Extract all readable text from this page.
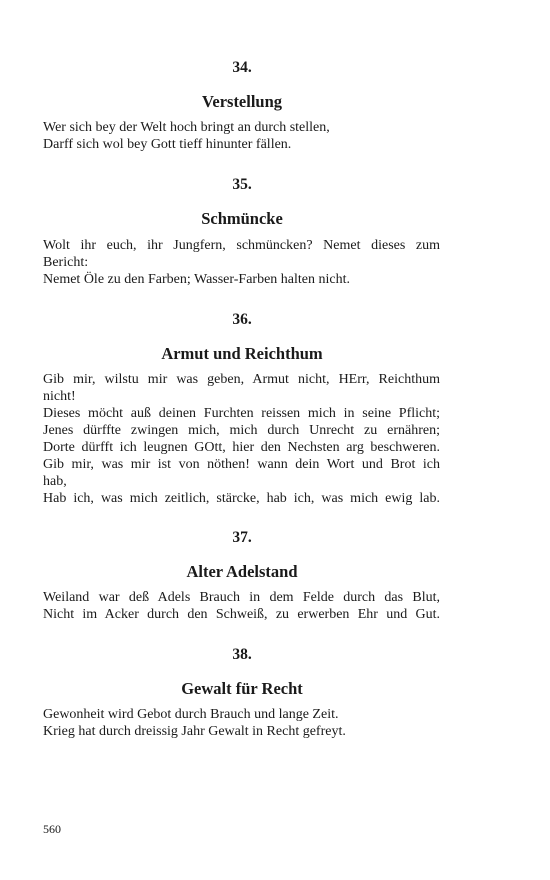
34.
Verstellung
Wer sich bey der Welt hoch bringt an durch stellen,
Darff sich wol bey Gott tieff hinunter fällen.
35.
Schmüncke
Wolt ihr euch, ihr Jungfern, schmüncken? Nemet dieses zum
Bericht:
Nemet Öle zu den Farben; Wasser-Farben halten nicht.
36.
Armut und Reichthum
Gib mir, wilstu mir was geben, Armut nicht, HErr, Reichthum
nicht!
Dieses möcht auß deinen Furchten reissen mich in seine Pflicht;
Jenes dürffte zwingen mich, mich durch Unrecht zu ernähren;
Dorte dürfft ich leugnen GOtt, hier den Nechsten arg beschweren.
Gib mir, was mir ist von nöthen! wann dein Wort und Brot ich
hab,
Hab ich, was mich zeitlich, stärcke, hab ich, was mich ewig lab.
37.
Alter Adelstand
Weiland war deß Adels Brauch in dem Felde durch das Blut,
Nicht im Acker durch den Schweiß, zu erwerben Ehr und Gut.
38.
Gewalt für Recht
Gewonheit wird Gebot durch Brauch und lange Zeit.
Krieg hat durch dreissig Jahr Gewalt in Recht gefreyt.
560
